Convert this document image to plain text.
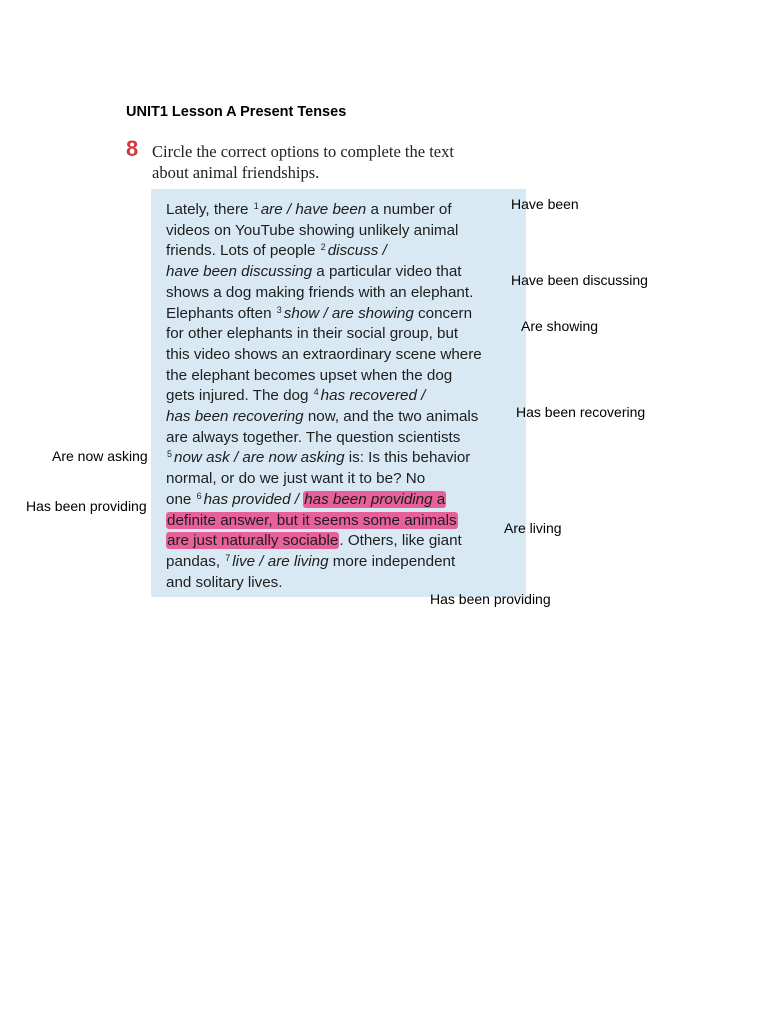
UNIT1 Lesson A Present Tenses
8 Circle the correct options to complete the text
about animal friendships.
Lately, there $^1$ are / have been a number of
videos on YouTube showing unlikely animal
friends. Lots of people $^2$ discuss /
have been discussing a particular video that
shows a dog making friends with an elephant.
Elephants often $^3$ show / are showing concern
for other elephants in their social group, but
this video shows an extraordinary scene where
the elephant becomes upset when the dog
gets injured. The dog $^4$ has recovered /
has been recovering now, and the two animals
are always together. The question scientists
$^5$ now ask / are now asking is: Is this behavior
normal, or do we just want it to be? No
one $^6$ has provided / has been providing a
definite answer, but it seems some animals
are just naturally sociable. Others, like giant
pandas, $^7$ live / are living more independent
and solitary lives.
Have been
Have been discussing
Are showing
Has been recovering
Are now asking
Has been providing
Are living
Has been providing
